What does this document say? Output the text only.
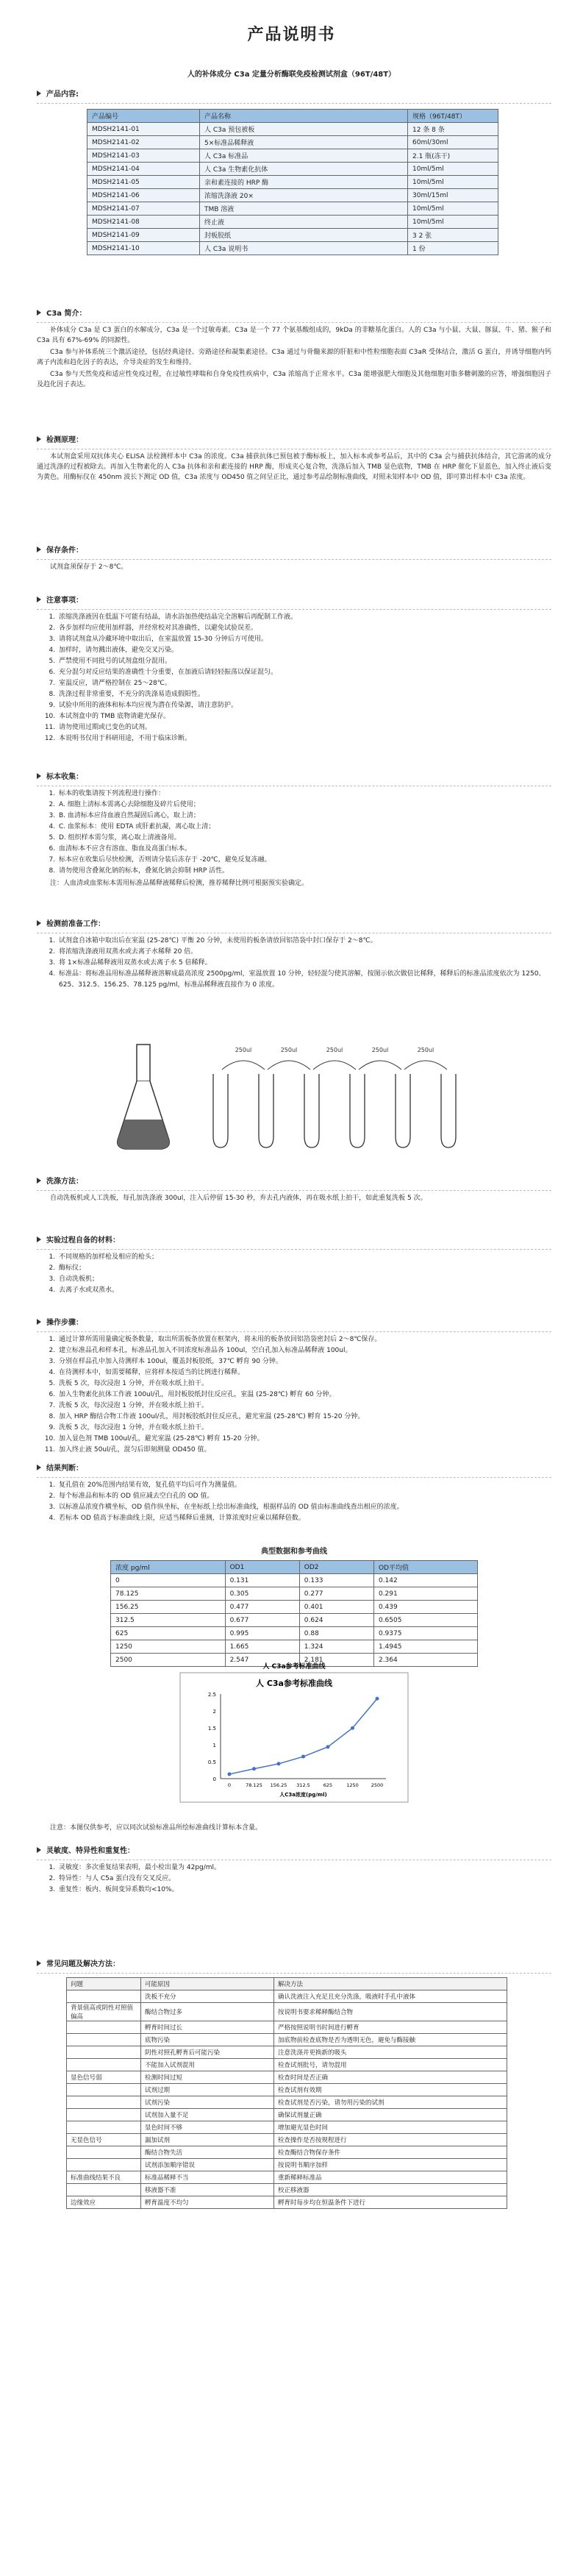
产品说明书
人的补体成分 C3a 定量分析酶联免疫检测试剂盒（96T/48T）
产品内容:
产品编号	产品名称	规格（96T/48T）
MDSH2141-01	人 C3a 预包被板	12 条 8 条
MDSH2141-02	5×标准品稀释液	60ml/30ml
MDSH2141-03	人 C3a 标准品	2.1 瓶(冻干)
MDSH2141-04	人 C3a 生物素化抗体	10ml/5ml
MDSH2141-05	亲和素连接的 HRP 酶	10ml/5ml
MDSH2141-06	浓缩洗涤液 20×	30ml/15ml
MDSH2141-07	TMB 溶液	10ml/5ml
MDSH2141-08	终止液	10ml/5ml
MDSH2141-09	封板胶纸	3 2 张
MDSH2141-10	人 C3a 说明书	1 份
C3a 简介：
补体成分 C3a 是 C3 蛋白的水解成分，C3a 是一个过敏毒素。C3a 是一个 77 个氨基酸组成的，9kDa 的非糖基化蛋白。人的 C3a 与小鼠、大鼠、豚鼠、牛、猪、猴子和 C3a 具有 67%-69% 的同源性。
C3a 参与补体系统三个激活途径，包括经典途径、旁路途径和凝集素途径。C3a 通过与骨髓来源的肝脏和中性粒细胞表面 C3aR 受体结合，激活 G 蛋白，并诱导细胞内钙离子内流和趋化因子的表达，介导炎症的发生和维持。
C3a 参与天然免疫和适应性免疫过程，在过敏性哮喘和自身免疫性疾病中，C3a 浓缩高于正常水平。C3a 能增强肥大细胞及其他细胞对脂多糖刺激的应答，增强细胞因子及趋化因子表达。
检测原理：
本试剂盒采用双抗体夹心 ELISA 法检测样本中 C3a 的浓度。C3a 捕获抗体已预包被于酶标板上，加入标本或参考品后，其中的 C3a 会与捕获抗体结合，其它游离的成分通过洗涤的过程被除去。再加入生物素化的人 C3a 抗体和亲和素连接的 HRP 酶，形成夹心复合物，洗涤后加入 TMB 显色底物，TMB 在 HRP 催化下显蓝色，加入终止液后变为黄色。用酶标仪在 450nm 波长下测定 OD 值，C3a 浓度与 OD450 值之间呈正比，通过参考品绘制标准曲线，对照未知样本中 OD 值，即可算出样本中 C3a 浓度。
保存条件：
试剂盒须保存于 2～8℃。
注意事项：
1. 浓缩洗涤液因在低温下可能有结晶，请水浴加热使结晶完全溶解后再配制工作液。
2. 各步加样均应使用加样器，并经常校对其准确性，以避免试验误差。
3. 请将试剂盒从冷藏环境中取出后，在室温放置 15-30 分钟后方可使用。
4. 加样时，请勿溅出液体，避免交叉污染。
5. 严禁使用不同批号的试剂盒组分混用。
6. 充分混匀对反应结果的准确性十分重要，在加液后请轻轻振荡以保证混匀。
7. 室温反应，请严格控制在 25～28℃。
8. 洗涤过程非常重要，不充分的洗涤易造成假阳性。
9. 试验中所用的液体和标本均应视为潜在传染源，请注意防护。
10. 本试剂盒中的 TMB 底物请避光保存。
11. 请勿使用过期或已变色的试剂。
12. 本说明书仅用于科研用途，不用于临床诊断。
标本收集：
1. 标本的收集请按下列流程进行操作：
2. A. 细胞上清标本需离心去除细胞及碎片后使用；
3. B. 血清标本应待血液自然凝固后离心，取上清；
4. C. 血浆标本：使用 EDTA 或肝素抗凝，离心取上清；
5. D. 组织样本需匀浆，离心取上清液备用。
6. 血清标本不应含有溶血、脂血及高蛋白标本。
7. 标本应在收集后尽快检测，否则请分装后冻存于 -20℃，避免反复冻融。
8. 请勿使用含叠氮化钠的标本，叠氮化钠会抑制 HRP 活性。
注：人血清或血浆标本需用标准品稀释液稀释后检测，推荐稀释比例可根据预实验确定。
检测前准备工作：
1. 试剂盒自冰箱中取出后在室温 (25-28℃) 平衡 20 分钟，未使用的板条请放回铝箔袋中封口保存于 2～8℃。
2. 将浓缩洗涤液用双蒸水或去离子水稀释 20 倍。
3. 将 1×标准品稀释液用双蒸水或去离子水 5 倍稀释。
4. 标准品：将标准品用标准品稀释液溶解成最高浓度 2500pg/ml，室温放置 10 分钟，轻轻混匀使其溶解，按图示依次做倍比稀释，稀释后的标准品浓度依次为 1250、625、312.5、156.25、78.125 pg/ml，标准品稀释液直接作为 0 浓度。
250ul	250ul	250ul	250ul	250ul
洗涤方法：
自动洗板机或人工洗板，每孔加洗涤液 300ul，注入后停留 15-30 秒，弃去孔内液体，再在吸水纸上拍干，如此重复洗板 5 次。
实验过程自备的材料：
1. 不同规格的加样枪及相应的枪头；
2. 酶标仪；
3. 自动洗板机；
4. 去离子水或双蒸水。
操作步骤：
1. 通过计算所需用量确定板条数量，取出所需板条放置在框架内，将未用的板条放回铝箔袋密封后 2～8℃保存。
2. 建立标准品孔和样本孔，标准品孔加入不同浓度标准品各 100ul，空白孔加入标准品稀释液 100ul。
3. 分别在样品孔中加入待测样本 100ul，覆盖封板胶纸，37℃ 孵育 90 分钟。
4. 在待测样本中，如需要稀释，应将样本按适当的比例进行稀释。
5. 洗板 5 次，每次浸泡 1 分钟，并在吸水纸上拍干。
6. 加入生物素化抗体工作液 100ul/孔，用封板胶纸封住反应孔，室温 (25-28℃) 孵育 60 分钟。
7. 洗板 5 次，每次浸泡 1 分钟，并在吸水纸上拍干。
8. 加入 HRP 酶结合物工作液 100ul/孔，用封板胶纸封住反应孔，避光室温 (25-28℃) 孵育 15-20 分钟。
9. 洗板 5 次，每次浸泡 1 分钟，并在吸水纸上拍干。
10. 加入显色剂 TMB 100ul/孔，避光室温 (25-28℃) 孵育 15-20 分钟。
11. 加入终止液 50ul/孔，混匀后即刻测量 OD450 值。
结果判断：
1. 复孔值在 20%范围内结果有效，复孔值平均后可作为测量值。
2. 每个标准品和标本的 OD 值应减去空白孔的 OD 值。
3. 以标准品浓度作横坐标，OD 值作纵坐标，在坐标纸上绘出标准曲线，根据样品的 OD 值由标准曲线查出相应的浓度。
4. 若标本 OD 值高于标准曲线上限，应适当稀释后重测，计算浓度时应乘以稀释倍数。
典型数据和参考曲线
浓度 pg/ml	OD1	OD2	OD平均值
0	0.131	0.133	0.142
78.125	0.305	0.277	0.291
156.25	0.477	0.401	0.439
312.5	0.677	0.624	0.6505
625	0.995	0.88	0.9375
1250	1.665	1.324	1.4945
2500	2.547	2.181	2.364
人 C3a参考标准曲线
人 C3a参考标准曲线
0
0.5
1
1.5
2
2.5
0	78.125 156.25 312.5	625	1250	2500
人C3a浓度(pg/ml)
注意：本图仅供参考，应以同次试验标准品所绘标准曲线计算标本含量。
灵敏度、特异性和重复性：
1. 灵敏度：多次重复结果表明，最小检出量为 42pg/ml。
2. 特异性：与人 C5a 蛋白没有交叉反应。
3. 重复性：板内、板间变异系数均<10%。
常见问题及解决方法：
问题	可能原因	解决方法
	洗板不充分	确认洗液注入充足且充分洗涤，吸液时手孔中液体
背景值高或阴性对照值偏高	酶结合物过多	按说明书要求稀释酶结合物
	孵育时间过长	严格按照说明书时间进行孵育
	底物污染	加底物前检查底物是否为透明无色，避免与酶接触
	阴性对照孔孵育后可能污染	注意洗涤并更换新的吸头
	不能加入试剂混用	检查试剂批号，请勿混用
显色信号弱	检测时间过短	检查时间是否正确
	试剂过期	检查试剂有效期
	试剂污染	检查试剂是否污染，请勿用污染的试剂
	试剂加入量不足	确保试剂量正确
	显色时间不够	增加避光显色时间
无显色信号	漏加试剂	检查操作是否按规程进行
	酶结合物失活	检查酶结合物保存条件
	试剂添加顺序错误	按说明书顺序加样
标准曲线结果不良	标准品稀释不当	重新稀释标准品
	移液器不准	校正移液器
边缘效应	孵育温度不均匀	孵育时每步均在恒温条件下进行
